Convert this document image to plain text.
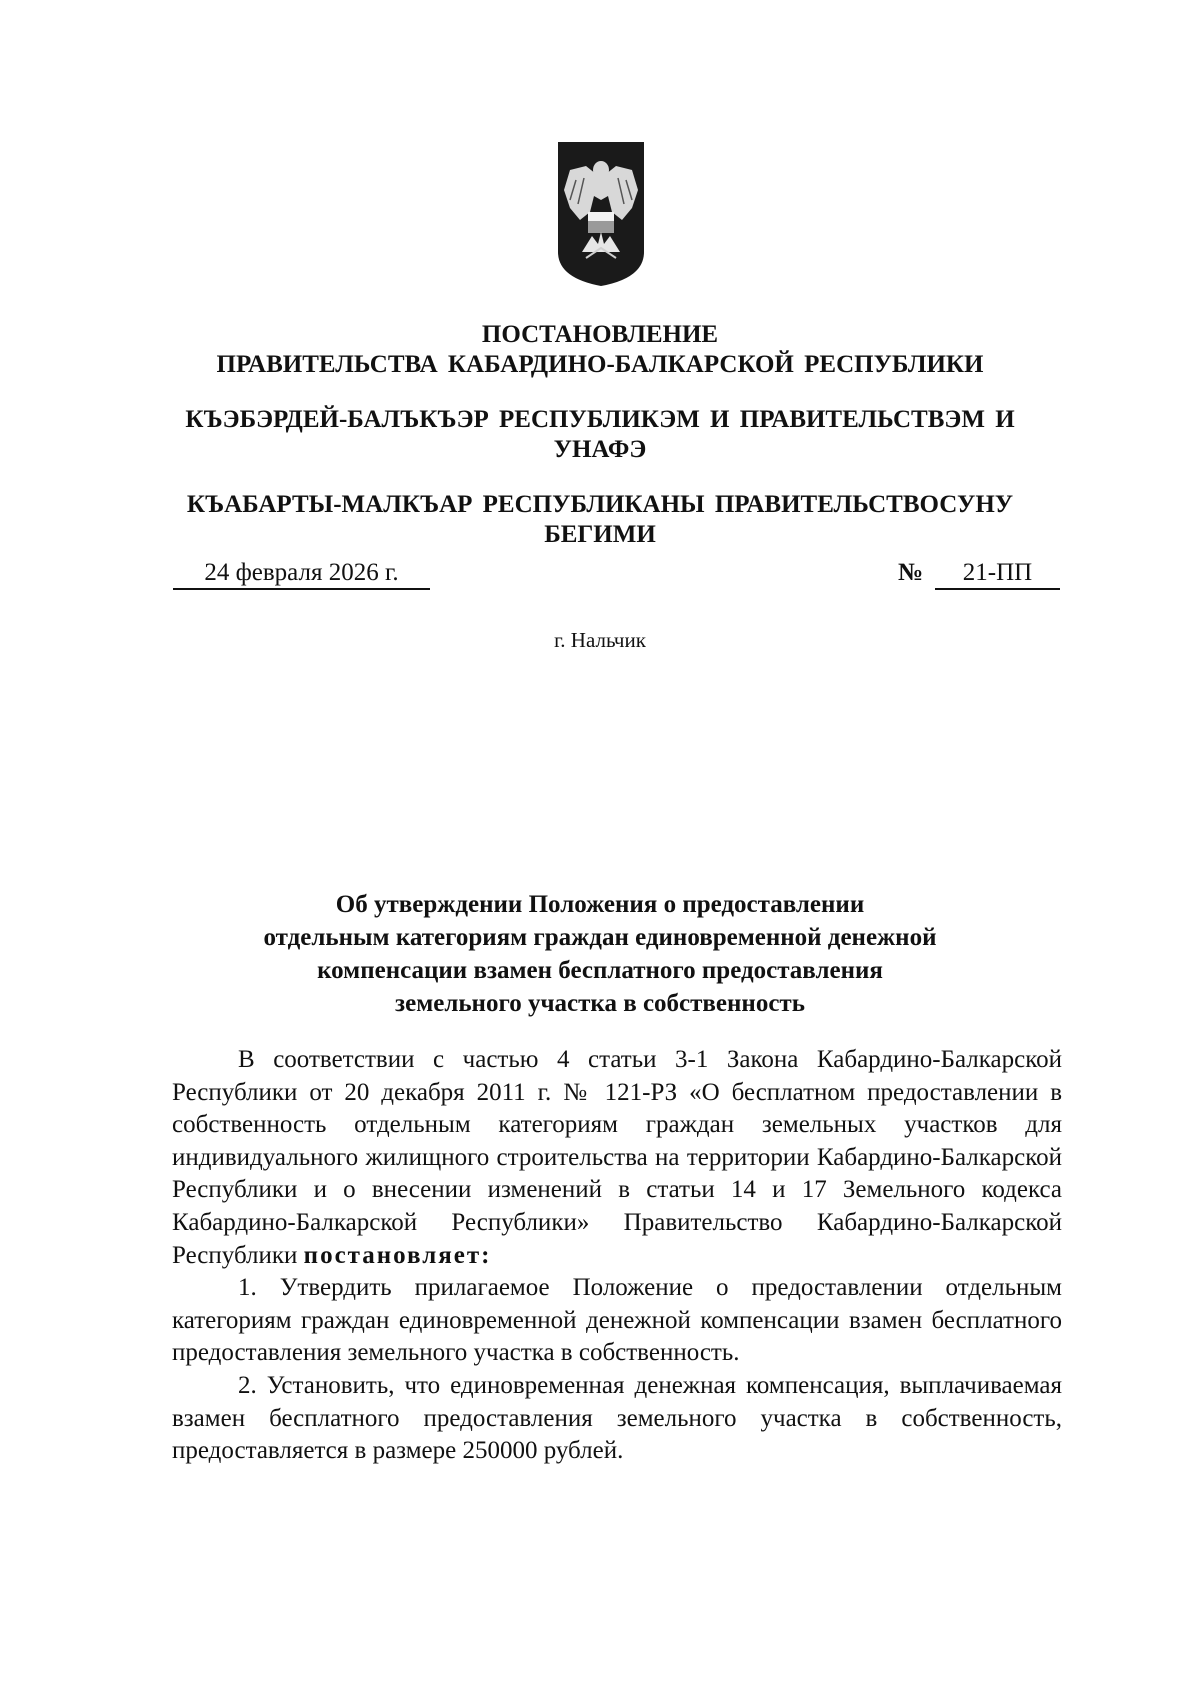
ПОСТАНОВЛЕНИЕ
ПРАВИТЕЛЬСТВА КАБАРДИНО-БАЛКАРСКОЙ РЕСПУБЛИКИ
КЪЭБЭРДЕЙ-БАЛЪКЪЭР РЕСПУБЛИКЭМ И ПРАВИТЕЛЬСТВЭМ И
УНАФЭ
КЪАБАРТЫ-МАЛКЪАР РЕСПУБЛИКАНЫ ПРАВИТЕЛЬСТВОСУНУ
БЕГИМИ
24 февраля 2026 г.	№	21-ПП
г. Нальчик
Об утверждении Положения о предоставлении
отдельным категориям граждан единовременной денежной
компенсации взамен бесплатного предоставления
земельного участка в собственность

В соответствии с частью 4 статьи 3-1 Закона Кабардино-Балкарской Республики от 20 декабря 2011 г. № 121-РЗ «О бесплатном предоставлении в собственность отдельным категориям граждан земельных участков для индивидуального жилищного строительства на территории Кабардино-Балкарской Республики и о внесении изменений в статьи 14 и 17 Земельного кодекса Кабардино-Балкарской Республики» Правительство Кабардино-Балкарской Республики постановляет:

1. Утвердить прилагаемое Положение о предоставлении отдельным категориям граждан единовременной денежной компенсации взамен бесплатного предоставления земельного участка в собственность.

2. Установить, что единовременная денежная компенсация, выплачиваемая взамен бесплатного предоставления земельного участка в собственность, предоставляется в размере 250000 рублей.
